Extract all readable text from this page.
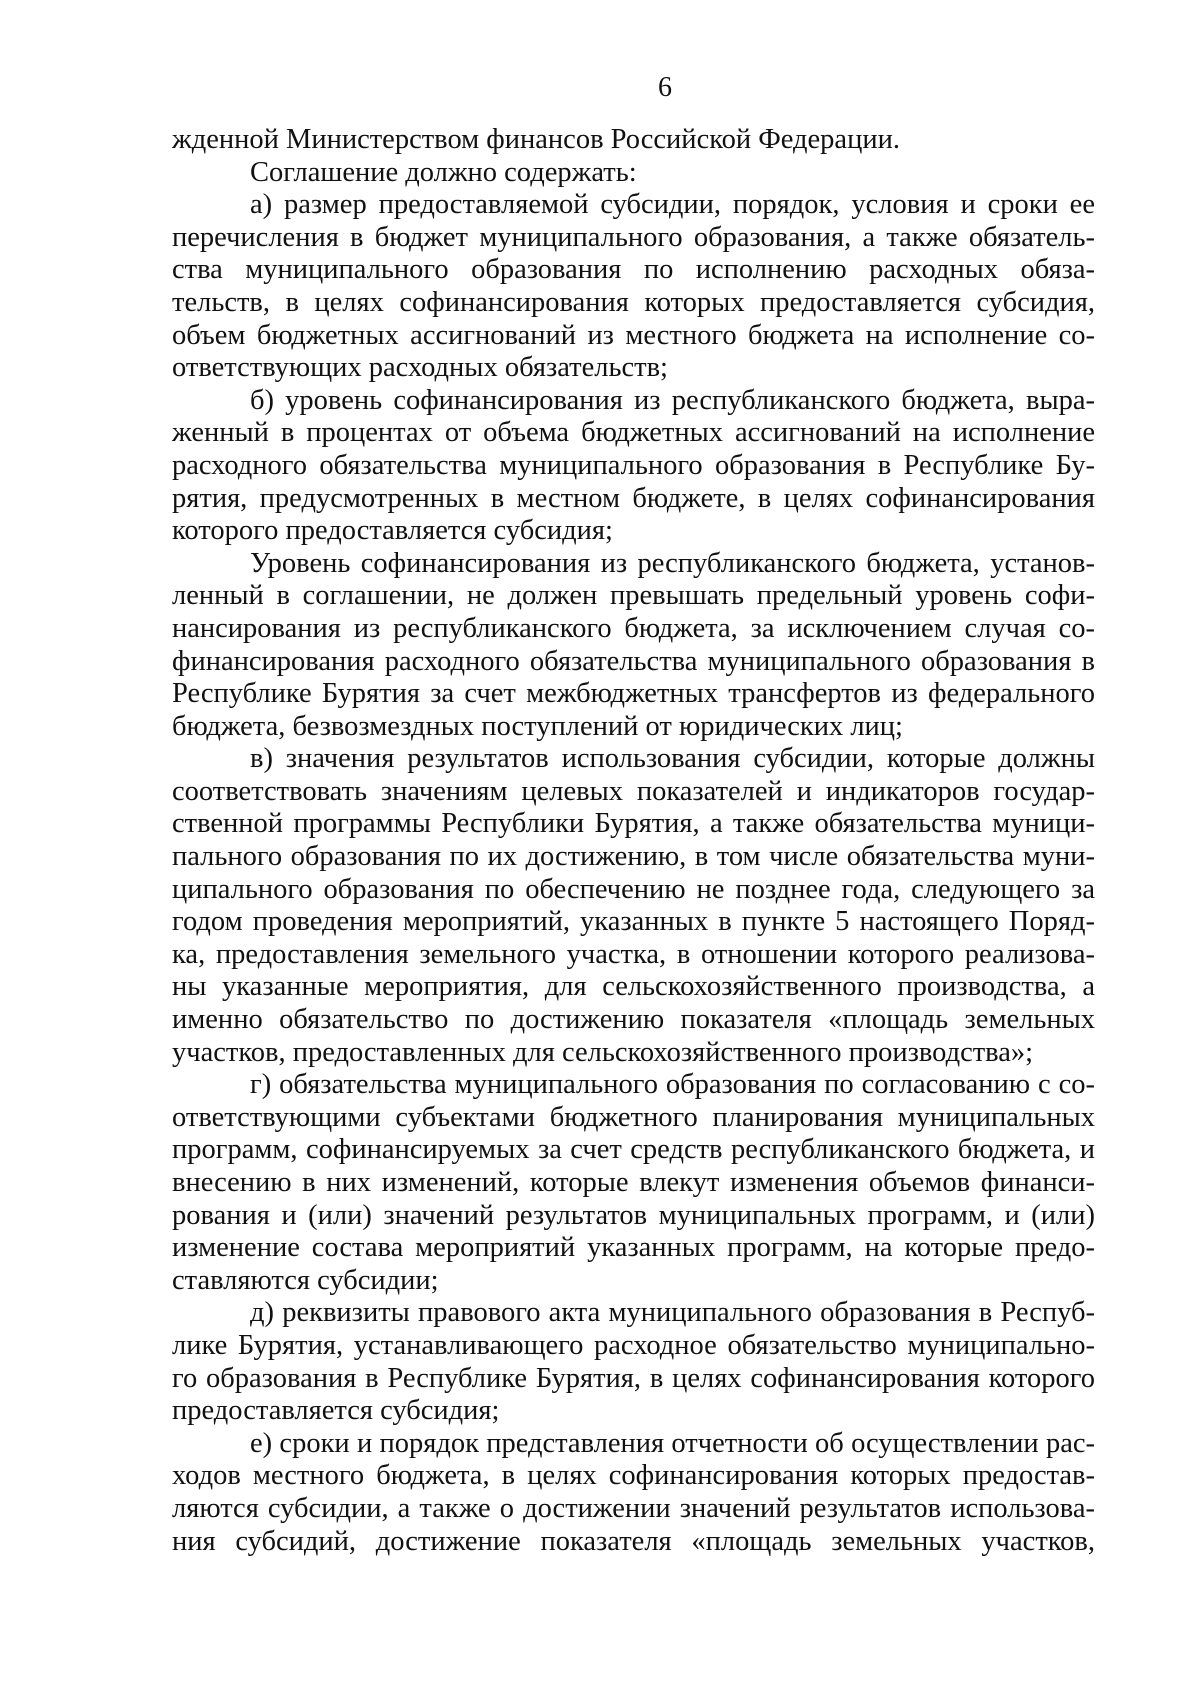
6
жденной Министерством финансов Российской Федерации.
Соглашение должно содержать:
а) размер предоставляемой субсидии, порядок, условия и сроки ее
перечисления в бюджет муниципального образования, а также обязатель-
ства муниципального образования по исполнению расходных обяза-
тельств, в целях софинансирования которых предоставляется субсидия,
объем бюджетных ассигнований из местного бюджета на исполнение со-
ответствующих расходных обязательств;
б) уровень софинансирования из республиканского бюджета, выра-
женный в процентах от объема бюджетных ассигнований на исполнение
расходного обязательства муниципального образования в Республике Бу-
рятия, предусмотренных в местном бюджете, в целях софинансирования
которого предоставляется субсидия;
Уровень софинансирования из республиканского бюджета, установ-
ленный в соглашении, не должен превышать предельный уровень софи-
нансирования из республиканского бюджета, за исключением случая со-
финансирования расходного обязательства муниципального образования в
Республике Бурятия за счет межбюджетных трансфертов из федерального
бюджета, безвозмездных поступлений от юридических лиц;
в) значения результатов использования субсидии, которые должны
соответствовать значениям целевых показателей и индикаторов государ-
ственной программы Республики Бурятия, а также обязательства муници-
пального образования по их достижению, в том числе обязательства муни-
ципального образования по обеспечению не позднее года, следующего за
годом проведения мероприятий, указанных в пункте 5 настоящего Поряд-
ка, предоставления земельного участка, в отношении которого реализова-
ны указанные мероприятия, для сельскохозяйственного производства, а
именно обязательство по достижению показателя «площадь земельных
участков, предоставленных для сельскохозяйственного производства»;
г) обязательства муниципального образования по согласованию с со-
ответствующими субъектами бюджетного планирования муниципальных
программ, софинансируемых за счет средств республиканского бюджета, и
внесению в них изменений, которые влекут изменения объемов финанси-
рования и (или) значений результатов муниципальных программ, и (или)
изменение состава мероприятий указанных программ, на которые предо-
ставляются субсидии;
д) реквизиты правового акта муниципального образования в Респуб-
лике Бурятия, устанавливающего расходное обязательство муниципально-
го образования в Республике Бурятия, в целях софинансирования которого
предоставляется субсидия;
е) сроки и порядок представления отчетности об осуществлении рас-
ходов местного бюджета, в целях софинансирования которых предостав-
ляются субсидии, а также о достижении значений результатов использова-
ния субсидий, достижение показателя «площадь земельных участков,
